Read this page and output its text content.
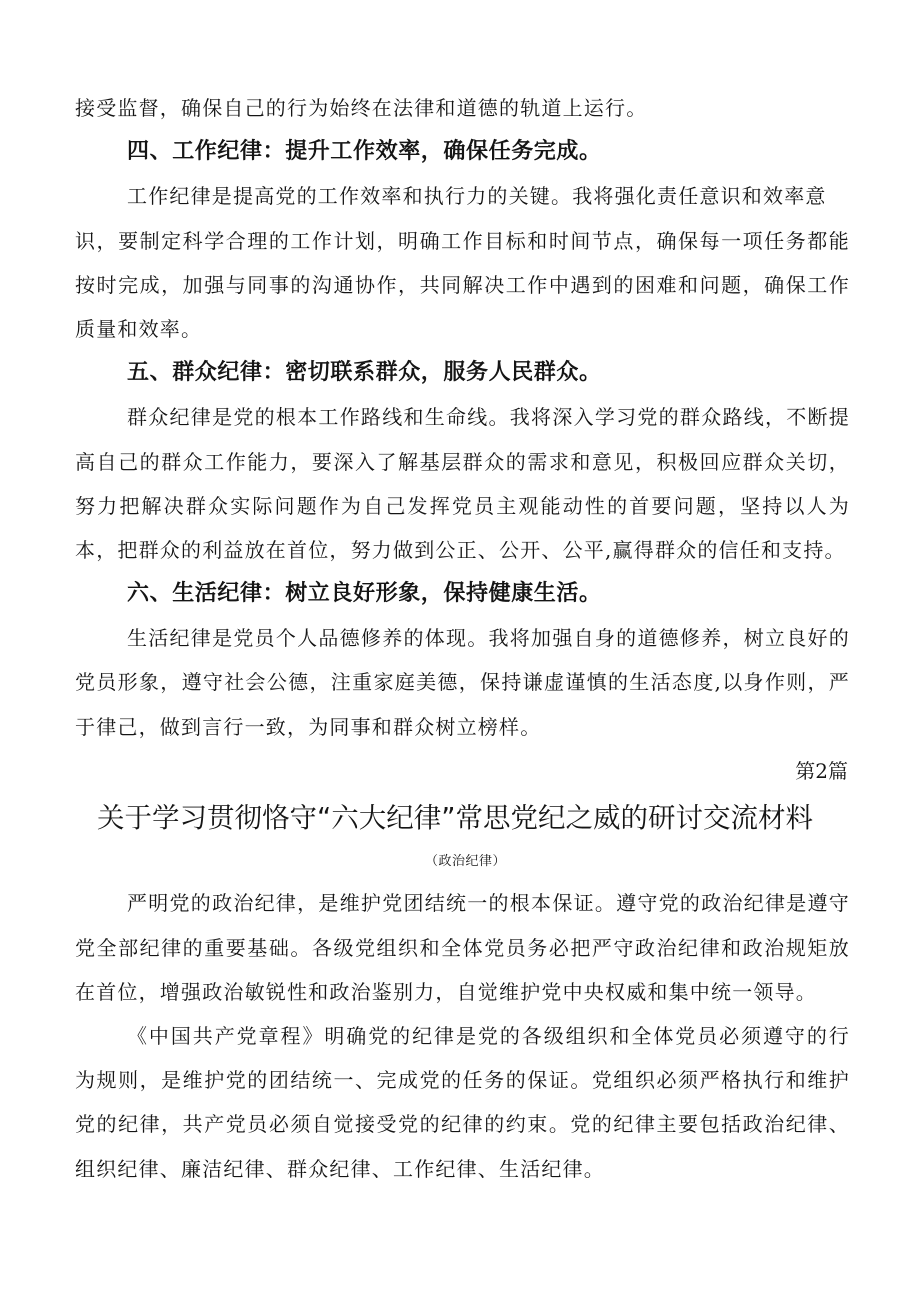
接受监督，确保自己的行为始终在法律和道德的轨道上运行。
四、工作纪律：提升工作效率，确保任务完成。
工作纪律是提高党的工作效率和执行力的关键。我将强化责任意识和效率意
识，要制定科学合理的工作计划，明确工作目标和时间节点，确保每一项任务都能
按时完成，加强与同事的沟通协作，共同解决工作中遇到的困难和问题，确保工作
质量和效率。
五、群众纪律：密切联系群众，服务人民群众。
群众纪律是党的根本工作路线和生命线。我将深入学习党的群众路线，不断提
高自己的群众工作能力，要深入了解基层群众的需求和意见，积极回应群众关切，
努力把解决群众实际问题作为自己发挥党员主观能动性的首要问题，坚持以人为
本，把群众的利益放在首位，努力做到公正、公开、公平,赢得群众的信任和支持。
六、生活纪律：树立良好形象，保持健康生活。
生活纪律是党员个人品德修养的体现。我将加强自身的道德修养，树立良好的
党员形象，遵守社会公德，注重家庭美德，保持谦虚谨慎的生活态度,以身作则，严
于律己，做到言行一致，为同事和群众树立榜样。
第2篇
关于学习贯彻恪守“六大纪律”常思党纪之威的研讨交流材料
（政治纪律）
严明党的政治纪律，是维护党团结统一的根本保证。遵守党的政治纪律是遵守
党全部纪律的重要基础。各级党组织和全体党员务必把严守政治纪律和政治规矩放
在首位，增强政治敏锐性和政治鉴别力，自觉维护党中央权威和集中统一领导。
《中国共产党章程》明确党的纪律是党的各级组织和全体党员必须遵守的行
为规则，是维护党的团结统一、完成党的任务的保证。党组织必须严格执行和维护
党的纪律，共产党员必须自觉接受党的纪律的约束。党的纪律主要包括政治纪律、
组织纪律、廉洁纪律、群众纪律、工作纪律、生活纪律。
